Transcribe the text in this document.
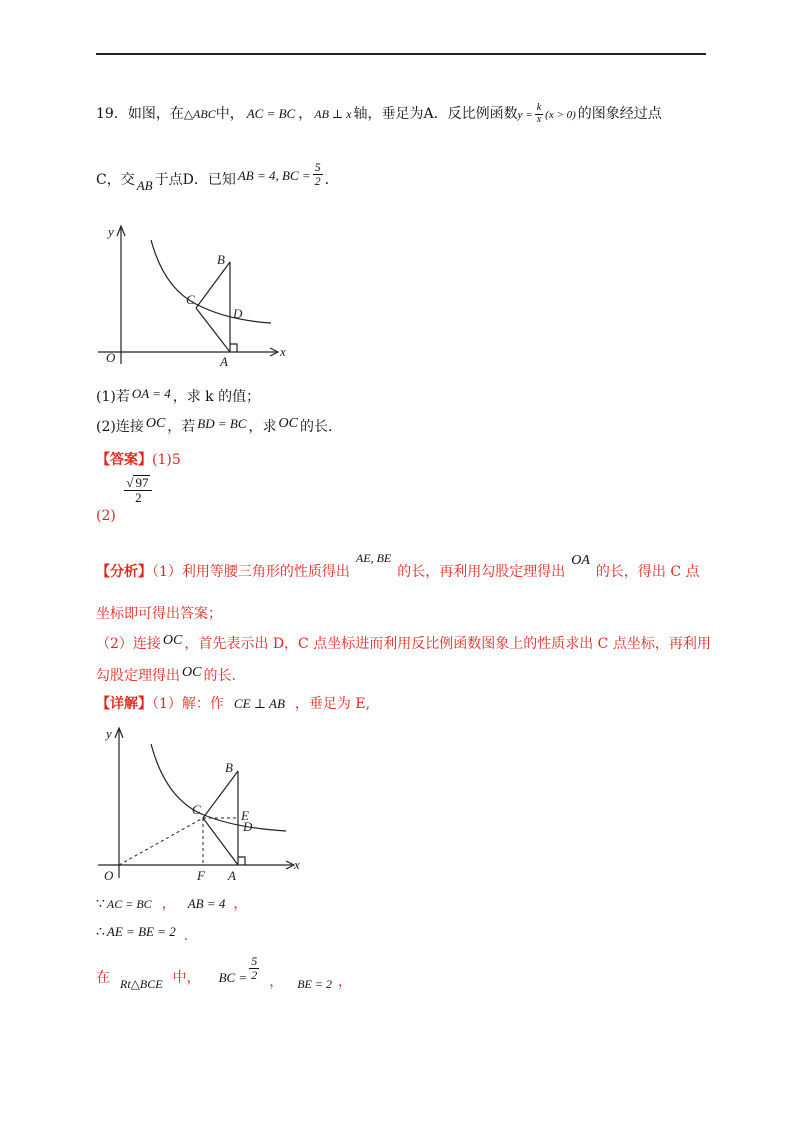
19．如图，在△ABC中， AC = BC ， AB ⊥ x 轴，垂足为A．反比例函数$y = \frac{k}{x} (x > 0)$ 的图象经过点
C，交 AB 于点D．已知 AB = 4, BC = $\frac{5}{2}$ ．
y
x
O	A
B
C
D
(1)若 OA = 4 ，求 k 的值；
(2)连接 OC ，若 BD = BC ，求 OC 的长.
【答案】(1)5
(2)
$\frac{√ 97}{2}$
【分析】（1）利用等腰三角形的性质得出AE, BE的长，再利用勾股定理得出OA的长，得出 C 点
坐标即可得出答案；
（2）连接 OC ，首先表示出 D，C 点坐标进而利用反比例函数图象上的性质求出 C 点坐标，再利用
勾股定理得出 OC 的长.
【详解】（1）解：作 CE ⊥ AB ，垂足为 E,
y
x
O	A
B
C	E
D
F
∵ AC = BC ， AB = 4 ，
∴ AE = BE = 2 .
在 Rt△BCE 中， BC = $\frac{5}{2}$
， BE = 2 ，
